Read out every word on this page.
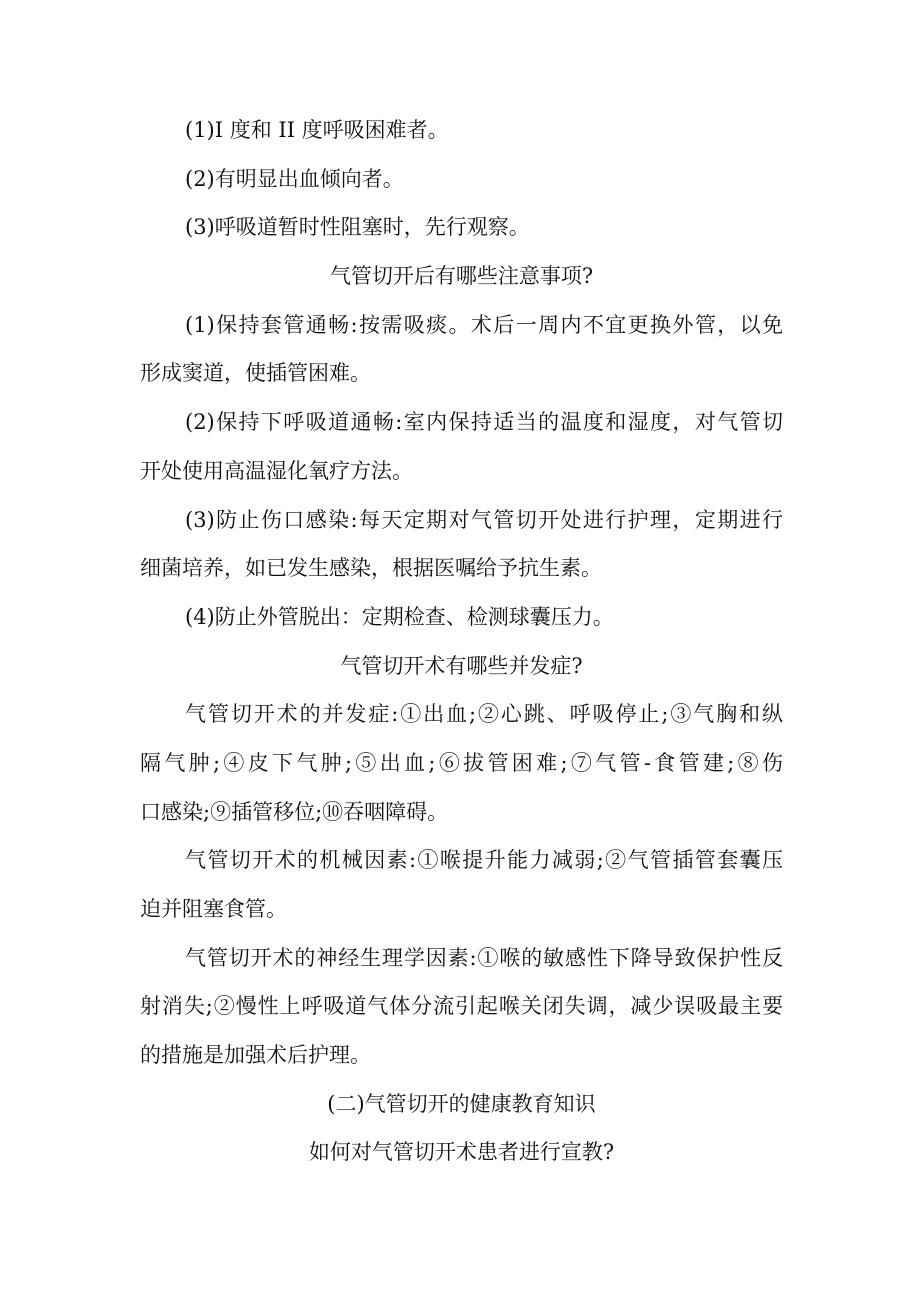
(1)I 度和 II 度呼吸困难者。
(2)有明显出血倾向者。
(3)呼吸道暂时性阻塞时，先行观察。
气管切开后有哪些注意事项?
(1)保持套管通畅:按需吸痰。术后一周内不宜更换外管，以免
形成窦道，使插管困难。
(2)保持下呼吸道通畅:室内保持适当的温度和湿度，对气管切
开处使用高温湿化氧疗方法。
(3)防止伤口感染:每天定期对气管切开处进行护理，定期进行
细菌培养，如已发生感染，根据医嘱给予抗生素。
(4)防止外管脱出：定期检查、检测球囊压力。
气管切开术有哪些并发症?
气管切开术的并发症:①出血;②心跳、呼吸停止;③气胸和纵
隔气肿;④皮下气肿;⑤出血;⑥拔管困难;⑦气管-食管建;⑧伤
口感染;⑨插管移位;⑩吞咽障碍。
气管切开术的机械因素:①喉提升能力减弱;②气管插管套囊压
迫并阻塞食管。
气管切开术的神经生理学因素:①喉的敏感性下降导致保护性反
射消失;②慢性上呼吸道气体分流引起喉关闭失调，减少误吸最主要
的措施是加强术后护理。
(二)气管切开的健康教育知识
如何对气管切开术患者进行宣教?
